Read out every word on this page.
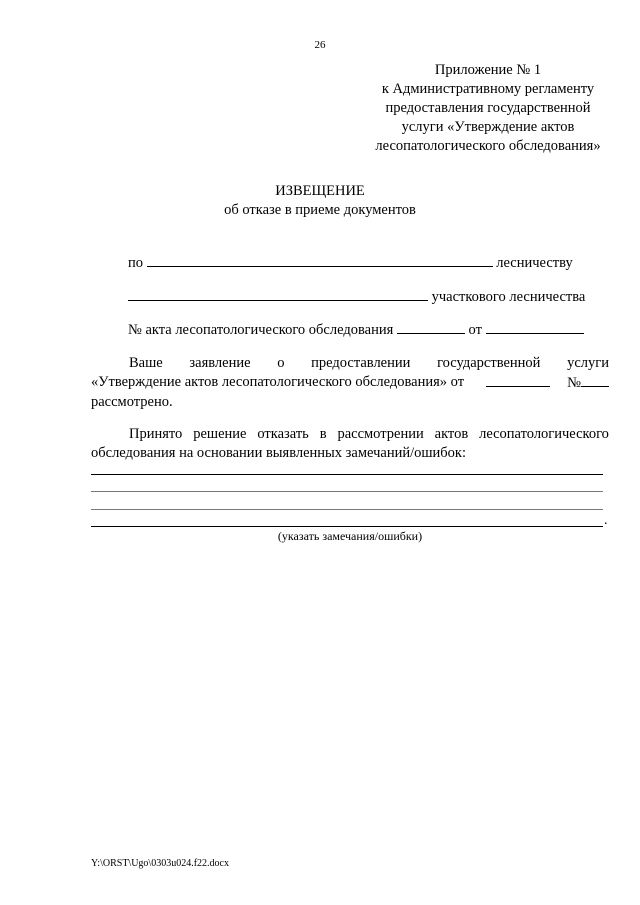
26
Приложение № 1
к Административному регламенту
предоставления государственной
услуги «Утверждение актов
лесопатологического обследования»
ИЗВЕЩЕНИЕ
об отказе в приеме документов
по	лесничеству
участкового лесничества
№ акта лесопатологического обследования	от
Ваше заявление о предоставлении государственной услуги
«Утверждение актов лесопатологического обследования» от	№
рассмотрено.
Принято решение отказать в рассмотрении актов лесопатологического
обследования на основании выявленных замечаний/ошибок:
.
(указать замечания/ошибки)
Y:\ORST\Ugo\0303u024.f22.docx
